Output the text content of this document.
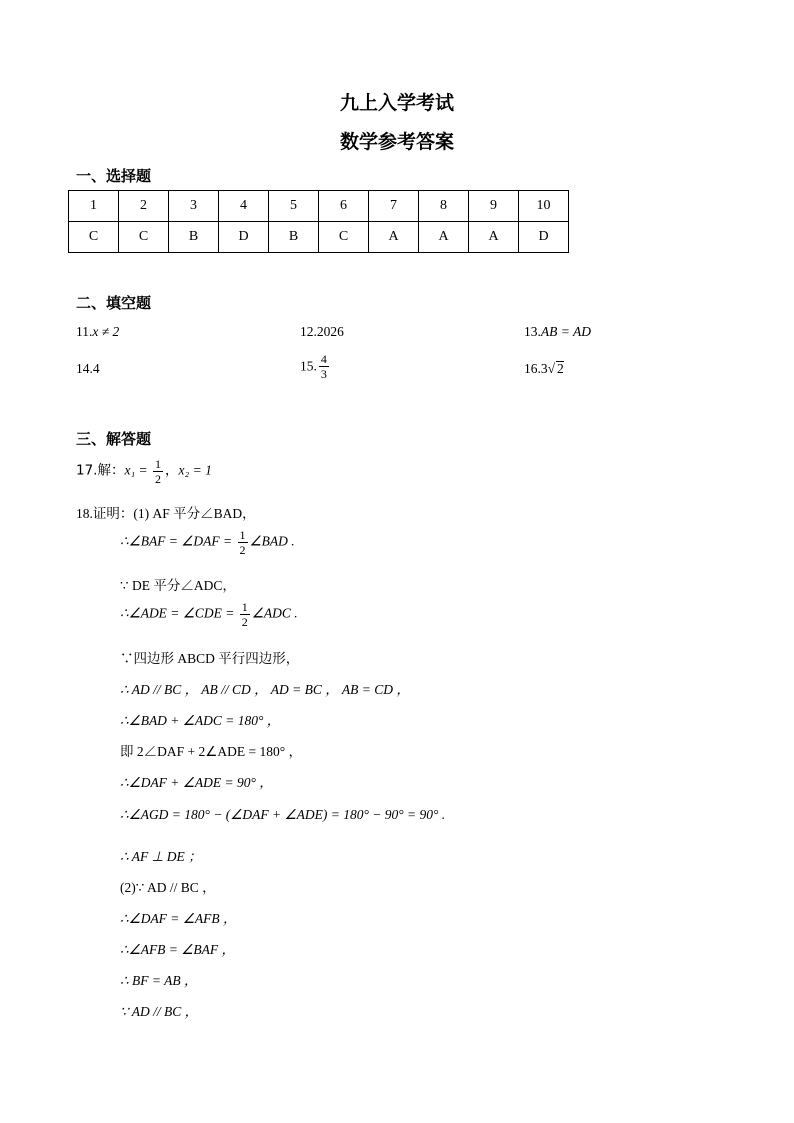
九上入学考试
数学参考答案
一、选择题
1	2	3	4	5	6	7	8	9	10
C	C	B	D	B	C	A	A	A	D
二、填空题
11.x ≠ 2	12.2026	13.AB = AD
14.4	15. $\frac{4}{3}$	16.3√ 2
三、解答题
17.解：$x_1 = \frac{1}{2}$ ，x₂ = 1
18.证明：(1) AF 平分∠BAD，
∴∠BAF = ∠DAF = $\frac{1}{2}$ ∠BAD .
∵ DE 平分∠ADC，
∴∠ADE = ∠CDE = $\frac{1}{2}$ ∠ADC .
∵四边形 ABCD 平行四边形，
∴ AD // BC ， AB // CD ， AD = BC ， AB = CD ，
∴∠BAD + ∠ADC = 180° ，
即 2∠DAF + 2∠ADE = 180° ，
∴∠DAF + ∠ADE = 90° ，
∴∠AGD = 180° − (∠DAF + ∠ADE) = 180° − 90° = 90° .
∴ AF ⊥ DE ；
(2)∵ AD // BC ，
∴∠DAF = ∠AFB ，
∴∠AFB = ∠BAF ，
∴ BF = AB ，
∵ AD // BC ，
